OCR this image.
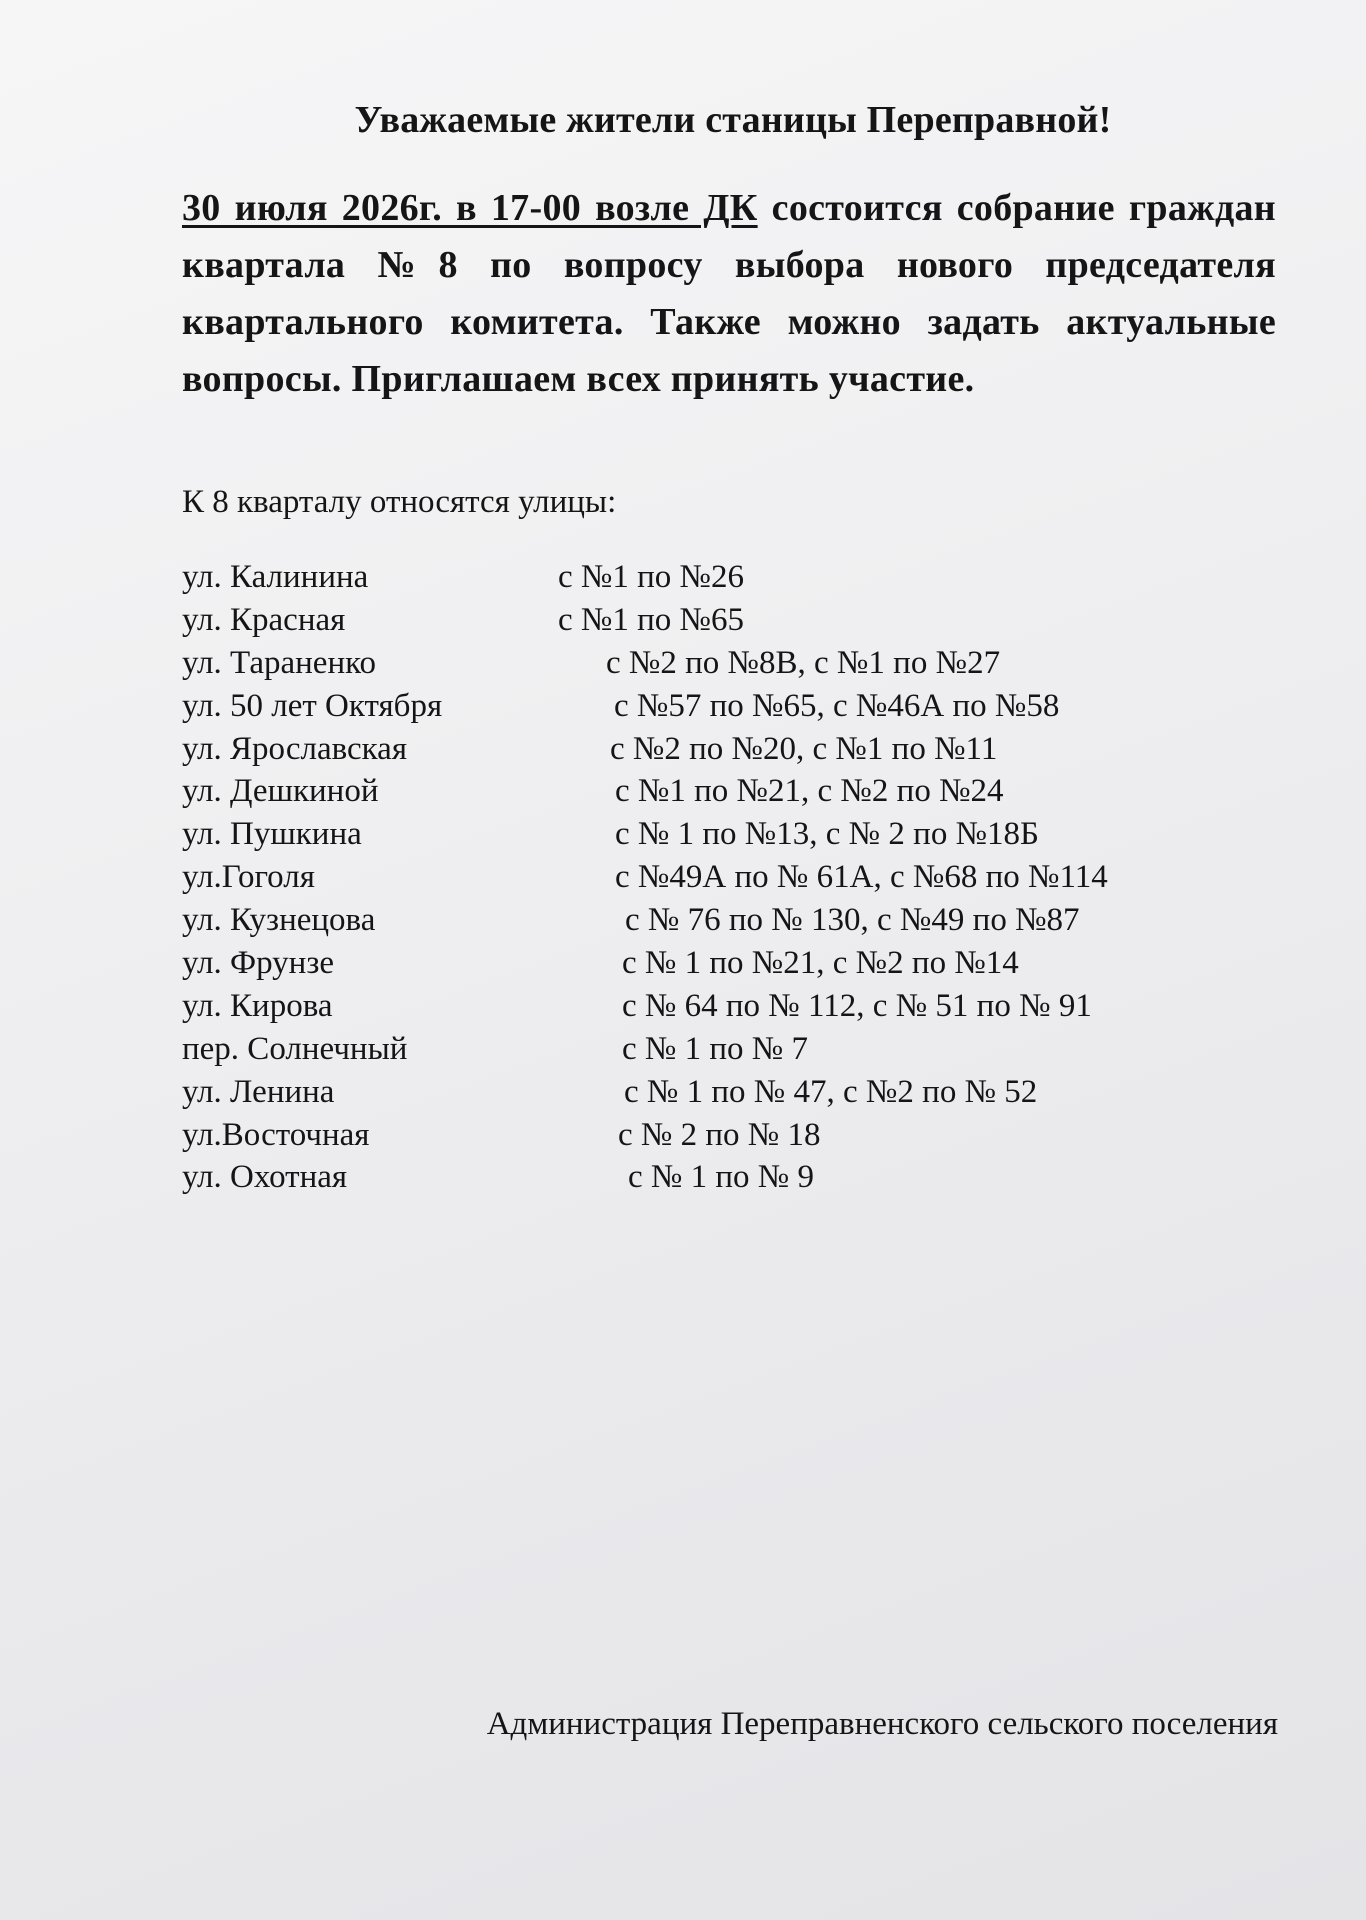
Уважаемые жители станицы Переправной!

30 июля 2026г. в 17-00 возле ДК состоится собрание граждан квартала №8 по вопросу выбора нового председателя квартального комитета. Также можно задать актуальные вопросы. Приглашаем всех принять участие.

К 8 кварталу относятся улицы:

ул. Калинина	с №1 по №26
ул. Красная	с №1 по №65
ул. Тараненко	с №2 по №8В, с №1 по №27
ул. 50 лет Октября	с №57 по №65, с №46А по №58
ул. Ярославская	с №2 по №20, с №1 по №11
ул. Дешкиной	с №1 по №21, с №2 по №24
ул. Пушкина	с № 1 по №13, с № 2 по №18Б
ул.Гоголя	с №49А по № 61А, с №68 по №114
ул. Кузнецова	с № 76 по № 130, с №49 по №87
ул. Фрунзе	с № 1 по №21, с №2 по №14
ул. Кирова	с № 64 по № 112, с № 51 по № 91
пер. Солнечный	с № 1 по № 7
ул. Ленина	с № 1 по № 47, с №2 по № 52
ул.Восточная	с № 2 по № 18
ул. Охотная	с № 1 по № 9

Администрация Переправненского сельского поселения
